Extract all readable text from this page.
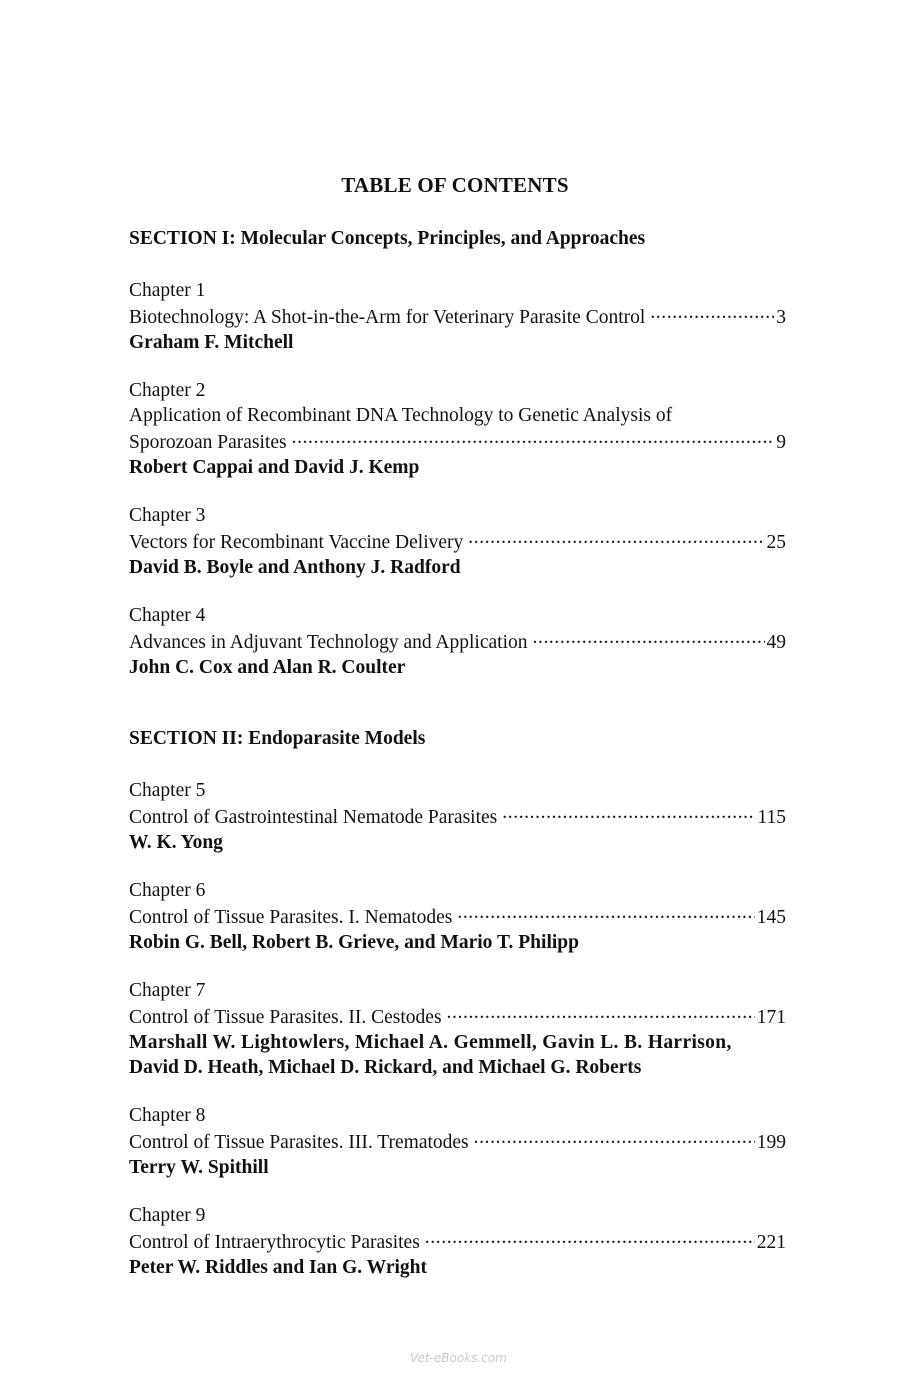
TABLE OF CONTENTS
SECTION I: Molecular Concepts, Principles, and Approaches
Chapter 1
Biotechnology: A Shot-in-the-Arm for Veterinary Parasite Control .....	3
Graham F. Mitchell
Chapter 2
Application of Recombinant DNA Technology to Genetic Analysis of
Sporozoan Parasites .....	9
Robert Cappai and David J. Kemp
Chapter 3
Vectors for Recombinant Vaccine Delivery .....	25
David B. Boyle and Anthony J. Radford
Chapter 4
Advances in Adjuvant Technology and Application .....	49
John C. Cox and Alan R. Coulter
SECTION II: Endoparasite Models
Chapter 5
Control of Gastrointestinal Nematode Parasites .....	115
W. K. Yong
Chapter 6
Control of Tissue Parasites. I. Nematodes .....	145
Robin G. Bell, Robert B. Grieve, and Mario T. Philipp
Chapter 7
Control of Tissue Parasites. II. Cestodes .....	171
Marshall W. Lightowlers, Michael A. Gemmell, Gavin L. B. Harrison,
David D. Heath, Michael D. Rickard, and Michael G. Roberts
Chapter 8
Control of Tissue Parasites. III. Trematodes .....	199
Terry W. Spithill
Chapter 9
Control of Intraerythrocytic Parasites .....	221
Peter W. Riddles and Ian G. Wright
Vet-eBooks.com
